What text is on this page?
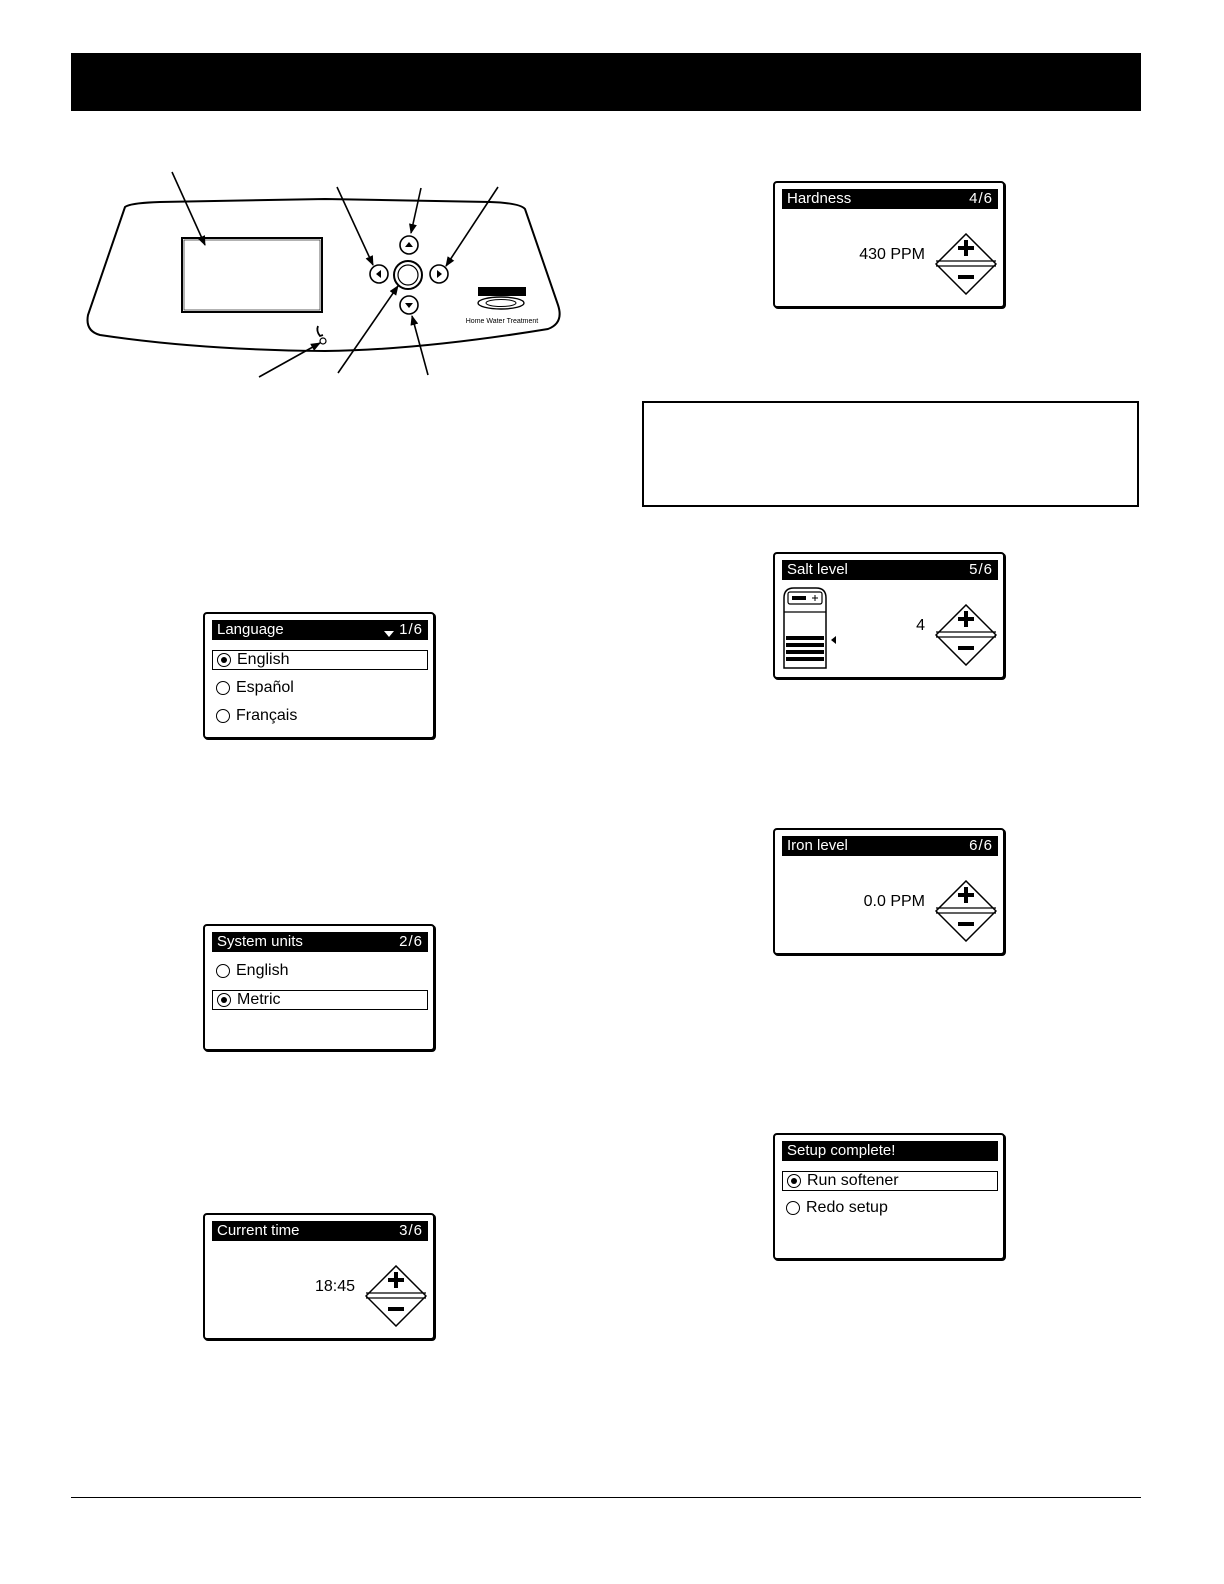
Home Water Treatment
Language	1/6
English
Español
Français
System units	2/6
English
Metric
Current time	3/6
18:45
Hardness	4/6
430 PPM
Salt level	5/6
4
Iron level	6/6
0.0 PPM
Setup complete!
Run softener
Redo setup
